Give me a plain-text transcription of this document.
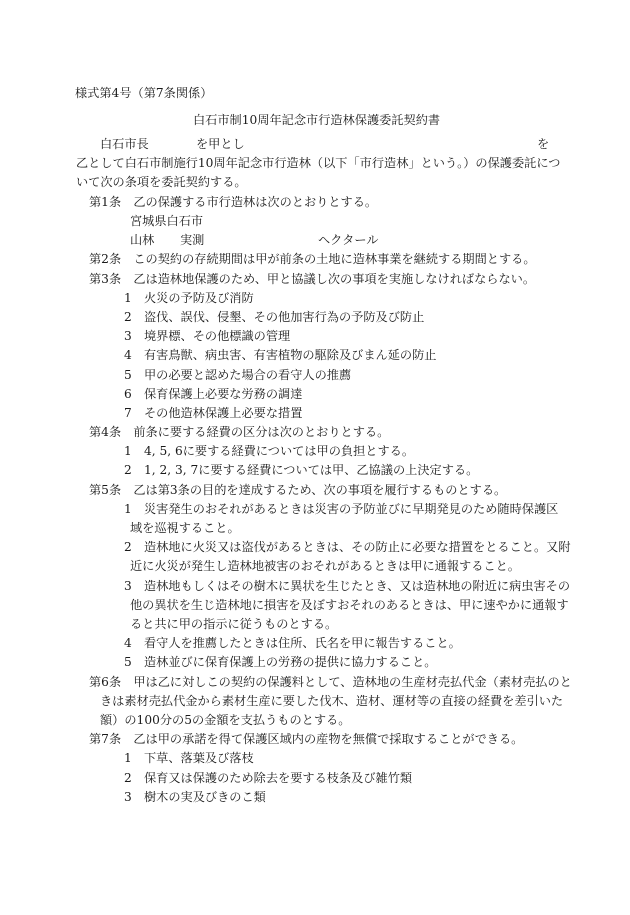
様式第4号（第7条関係）
白石市制10周年記念市行造林保護委託契約書
白石市長	を甲とし	を
乙として白石市制施行10周年記念市行造林（以下「市行造林」という。）の保護委託につ
いて次の条項を委託契約する。
第1条　乙の保護する市行造林は次のとおりとする。
宮城県白石市
山林 実測	ヘクタール
第2条　この契約の存続期間は甲が前条の土地に造林事業を継続する期間とする。
第3条　乙は造林地保護のため、甲と協議し次の事項を実施しなければならない。
1　火災の予防及び消防
2　盗伐、誤伐、侵墾、その他加害行為の予防及び防止
3　境界標、その他標識の管理
4　有害鳥獣、病虫害、有害植物の駆除及びまん延の防止
5　甲の必要と認めた場合の看守人の推薦
6　保育保護上必要な労務の調達
7　その他造林保護上必要な措置
第4条　前条に要する経費の区分は次のとおりとする。
1　4, 5, 6に要する経費については甲の負担とする。
2　1, 2, 3, 7に要する経費については甲、乙協議の上決定する。
第5条　乙は第3条の目的を達成するため、次の事項を履行するものとする。
1　災害発生のおそれがあるときは災害の予防並びに早期発見のため随時保護区
域を巡視すること。
2　造林地に火災又は盗伐があるときは、その防止に必要な措置をとること。又附
近に火災が発生し造林地被害のおそれがあるときは甲に通報すること。
3　造林地もしくはその樹木に異状を生じたとき、又は造林地の附近に病虫害その
他の異状を生じ造林地に損害を及ぼすおそれのあるときは、甲に速やかに通報す
ると共に甲の指示に従うものとする。
4　看守人を推薦したときは住所、氏名を甲に報告すること。
5　造林並びに保育保護上の労務の提供に協力すること。
第6条　甲は乙に対しこの契約の保護料として、造林地の生産材売払代金（素材売払のと
きは素材売払代金から素材生産に要した伐木、造材、運材等の直接の経費を差引いた
額）の100分の5の金額を支払うものとする。
第7条　乙は甲の承諾を得て保護区域内の産物を無償で採取することができる。
1　下草、落葉及び落枝
2　保育又は保護のため除去を要する枝条及び雑竹類
3　樹木の実及びきのこ類
